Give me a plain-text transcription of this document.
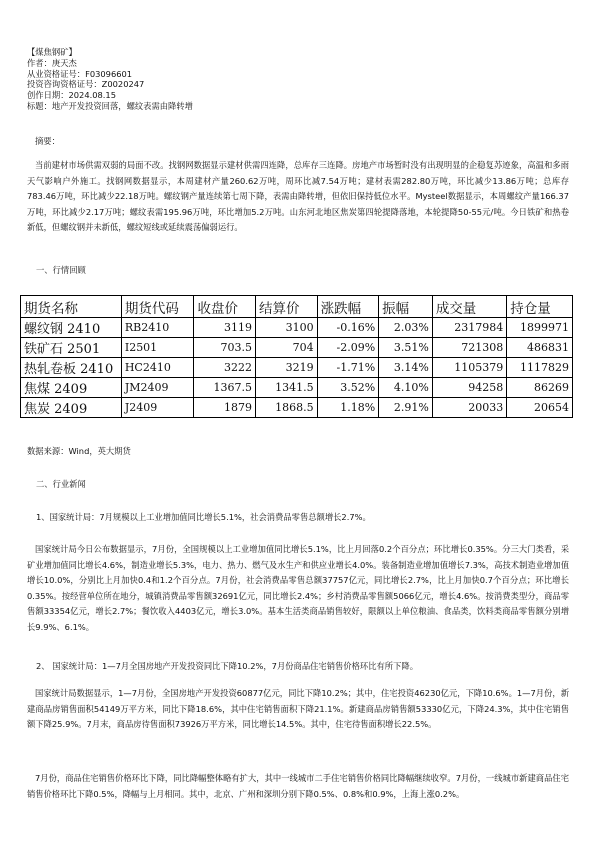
【煤焦钢矿】
作者：庚天杰
从业资格证号：F03096601
投资咨询资格证号：Z0020247
创作日期：2024.08.15
标题：地产开发投资回落，螺纹表需由降转增
摘要：
当前建材市场供需双弱的局面不改。找钢网数据显示建材供需四连降，总库存三连降。房地产市场暂时没有出现明显的企稳复苏迹象，高温和多雨天气影响户外施工。找钢网数据显示，本周建材产量260.62万吨，周环比减7.54万吨；建材表需282.80万吨，环比减少13.86万吨；总库存783.46万吨，环比减少22.18万吨。螺纹钢产量连续第七周下降，表需由降转增，但依旧保持低位水平。Mysteel数据显示，本周螺纹产量166.37万吨，环比减少2.17万吨；螺纹表需195.96万吨，环比增加5.2万吨。山东河北地区焦炭第四轮提降落地，本轮提降50-55元/吨。今日铁矿和热卷新低，但螺纹钢并未新低，螺纹短线或延续震荡偏弱运行。
一、行情回顾
期货名称	期货代码	收盘价	结算价	涨跌幅	振幅	成交量	持仓量
螺纹钢 2410	RB2410	3119	3100	-0.16%	2.03%	2317984	1899971
铁矿石 2501	I2501	703.5	704	-2.09%	3.51%	721308	486831
热轧卷板 2410	HC2410	3222	3219	-1.71%	3.14%	1105379	1117829
焦煤 2409	JM2409	1367.5	1341.5	3.52%	4.10%	94258	86269
焦炭 2409	J2409	1879	1868.5	1.18%	2.91%	20033	20654
数据来源：Wind，英大期货
二、行业新闻
1、国家统计局：7月规模以上工业增加值同比增长5.1%，社会消费品零售总额增长2.7%。
国家统计局今日公布数据显示，7月份，全国规模以上工业增加值同比增长5.1%，比上月回落0.2个百分点；环比增长0.35%。分三大门类看，采矿业增加值同比增长4.6%，制造业增长5.3%，电力、热力、燃气及水生产和供应业增长4.0%。装备制造业增加值增长7.3%，高技术制造业增加值增长10.0%，分别比上月加快0.4和1.2个百分点。7月份，社会消费品零售总额37757亿元，同比增长2.7%，比上月加快0.7个百分点；环比增长0.35%。按经营单位所在地分，城镇消费品零售额32691亿元，同比增长2.4%；乡村消费品零售额5066亿元，增长4.6%。按消费类型分，商品零售额33354亿元，增长2.7%；餐饮收入4403亿元，增长3.0%。基本生活类商品销售较好，限额以上单位粮油、食品类，饮料类商品零售额分别增长9.9%、6.1%。
2、 国家统计局：1—7月全国房地产开发投资同比下降10.2%，7月份商品住宅销售价格环比有所下降。
国家统计局数据显示，1—7月份，全国房地产开发投资60877亿元，同比下降10.2%；其中，住宅投资46230亿元，下降10.6%。1—7月份，新建商品房销售面积54149万平方米，同比下降18.6%，其中住宅销售面积下降21.1%。新建商品房销售额53330亿元，下降24.3%，其中住宅销售额下降25.9%。7月末，商品房待售面积73926万平方米，同比增长14.5%。其中，住宅待售面积增长22.5%。
7月份，商品住宅销售价格环比下降，同比降幅整体略有扩大，其中一线城市二手住宅销售价格同比降幅继续收窄。7月份，一线城市新建商品住宅销售价格环比下降0.5%，降幅与上月相同。其中，北京、广州和深圳分别下降0.5%、0.8%和0.9%，上海上涨0.2%。
